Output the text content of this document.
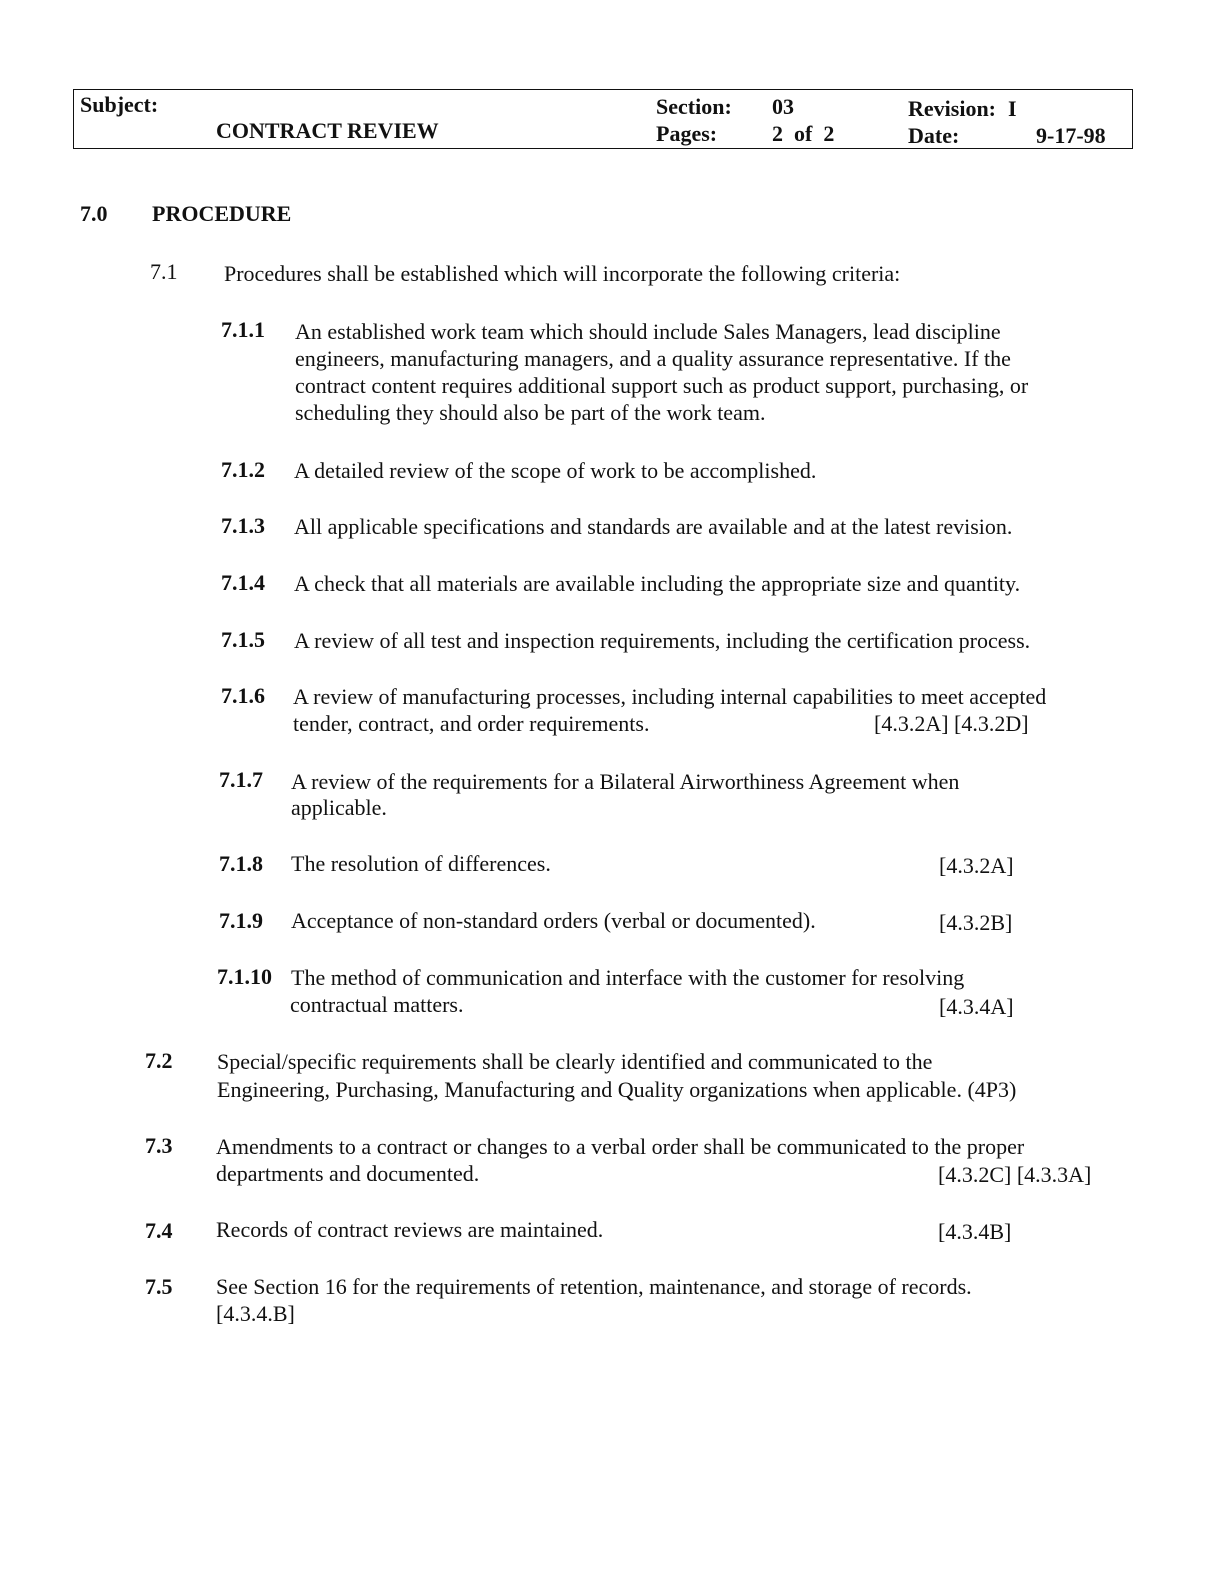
Subject:
CONTRACT REVIEW
Section: 03
Pages: 2  of  2
Revision: I
Date:	9-17-98
7.0 PROCEDURE
7.1 Procedures shall be established which will incorporate the following criteria:
7.1.1 An established work team which should include Sales Managers, lead discipline
engineers, manufacturing managers, and a quality assurance representative. If the
contract content requires additional support such as product support, purchasing, or
scheduling they should also be part of the work team.
7.1.2 A detailed review of the scope of work to be accomplished.
7.1.3 All applicable specifications and standards are available and at the latest revision.
7.1.4 A check that all materials are available including the appropriate size and quantity.
7.1.5 A review of all test and inspection requirements, including the certification process.
7.1.6 A review of manufacturing processes, including internal capabilities to meet accepted
tender, contract, and order requirements.	[4.3.2A] [4.3.2D]
7.1.7 A review of the requirements for a Bilateral Airworthiness Agreement when
applicable.
7.1.8 The resolution of differences.	[4.3.2A]
7.1.9 Acceptance of non-standard orders (verbal or documented).	[4.3.2B]
7.1.10 The method of communication and interface with the customer for resolving
contractual matters.	[4.3.4A]
7.2 Special/specific requirements shall be clearly identified and communicated to the
Engineering, Purchasing, Manufacturing and Quality organizations when applicable. (4P3)
7.3 Amendments to a contract or changes to a verbal order shall be communicated to the proper
departments and documented.	[4.3.2C] [4.3.3A]
7.4 Records of contract reviews are maintained.	[4.3.4B]
7.5 See Section 16 for the requirements of retention, maintenance, and storage of records.
[4.3.4.B]
